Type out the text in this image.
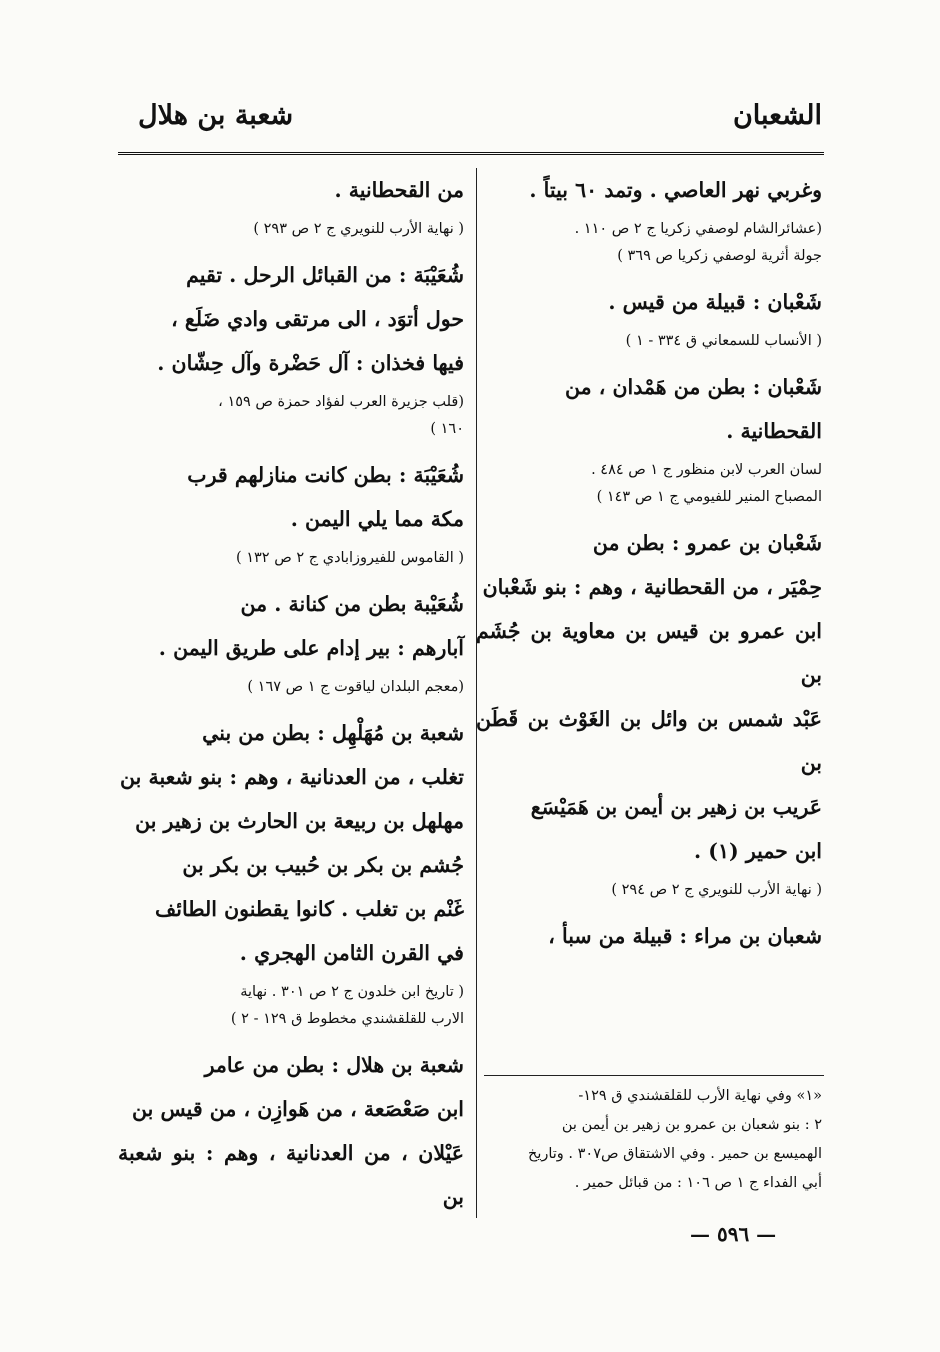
الشعبان
شعبة بن هلال

وغربي نهر العاصي . وتمد ٦٠ بيتاً .

(عشائرالشام لوصفي زكريا ج ٢ ص ١١٠ .
جولة أثرية لوصفي زكريا ص ٣٦٩ )

شَعْبان : قبيلة من قيس .

( الأنساب للسمعاني ق ٣٣٤ - ١ )

شَعْبان : بطن من هَمْدان ، من
القحطانية .

لسان العرب لابن منظور ج ١ ص ٤٨٤ .
المصباح المنير للفيومي ج ١ ص ١٤٣ )

شَعْبان بن عمرو : بطن من
حِمْيَر ، من القحطانية ، وهم : بنو شَعْبان
ابن عمرو بن قيس بن معاوية بن جُشَم بن
عَبْد شمس بن وائل بن الغَوْث بن قَطَن بن
عَريب بن زهير بن أيمن بن هَمَيْسَع
ابن حمير (١) .

( نهاية الأرب للنويري ج ٢ ص ٢٩٤ )

شعبان بن مراء : قبيلة من سبأ ،

من القحطانية .

( نهاية الأرب للنويري ج ٢ ص ٢٩٣ )

شُعَيْبَة : من القبائل الرحل . تقيم
حول أتوَد ، الى مرتقى وادي ضَلَع ،
فيها فخذان : آل حَضْرة وآل حِشّان .

(قلب جزيرة العرب لفؤاد حمزة ص ١٥٩ ،
١٦٠ )

شُعَيْبَة : بطن كانت منازلهم قرب
مكة مما يلي اليمن .

( القاموس للفيروزابادي ج ٢ ص ١٣٢ )

شُعَيْبة بطن من كنانة . من
آبارهم : بير إدام على طريق اليمن .

(معجم البلدان لياقوت ج ١ ص ١٦٧ )

شعبة بن مُهَلْهِل : بطن من بني
تغلب ، من العدنانية ، وهم : بنو شعبة بن
مهلهل بن ربيعة بن الحارث بن زهير بن
جُشم بن بكر بن حُبيب بن بكر بن
غَنْم بن تغلب . كانوا يقطنون الطائف
في القرن الثامن الهجري .

( تاريخ ابن خلدون ج ٢ ص ٣٠١ . نهاية
الارب للقلقشندي مخطوط ق ١٢٩ - ٢ )

شعبة بن هلال : بطن من عامر
ابن صَعْصَعة ، من هَوازِن ، من قيس بن
عَيْلان ، من العدنانية ، وهم : بنو شعبة بن

«١» وفي نهاية الأرب للقلقشندي ق ١٢٩-
٢ : بنو شعبان بن عمرو بن زهير بن أيمن بن
الهميسع بن حمير . وفي الاشتقاق ص٣٠٧ . وتاريخ
أبي الفداء ج ١ ص ١٠٦ : من قبائل حمير .
— ٥٩٦ —
